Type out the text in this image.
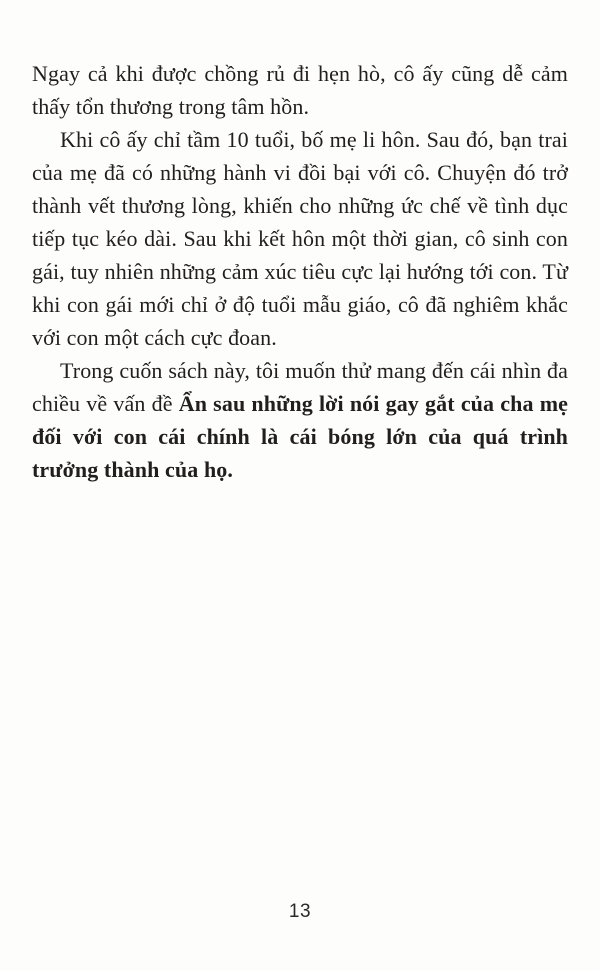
Ngay cả khi được chồng rủ đi hẹn hò, cô ấy cũng dễ cảm thấy tổn thương trong tâm hồn.

Khi cô ấy chỉ tầm 10 tuổi, bố mẹ li hôn. Sau đó, bạn trai của mẹ đã có những hành vi đồi bại với cô. Chuyện đó trở thành vết thương lòng, khiến cho những ức chế về tình dục tiếp tục kéo dài. Sau khi kết hôn một thời gian, cô sinh con gái, tuy nhiên những cảm xúc tiêu cực lại hướng tới con. Từ khi con gái mới chỉ ở độ tuổi mẫu giáo, cô đã nghiêm khắc với con một cách cực đoan.

Trong cuốn sách này, tôi muốn thử mang đến cái nhìn đa chiều về vấn đề Ẩn sau những lời nói gay gắt của cha mẹ đối với con cái chính là cái bóng lớn của quá trình trưởng thành của họ.

13
